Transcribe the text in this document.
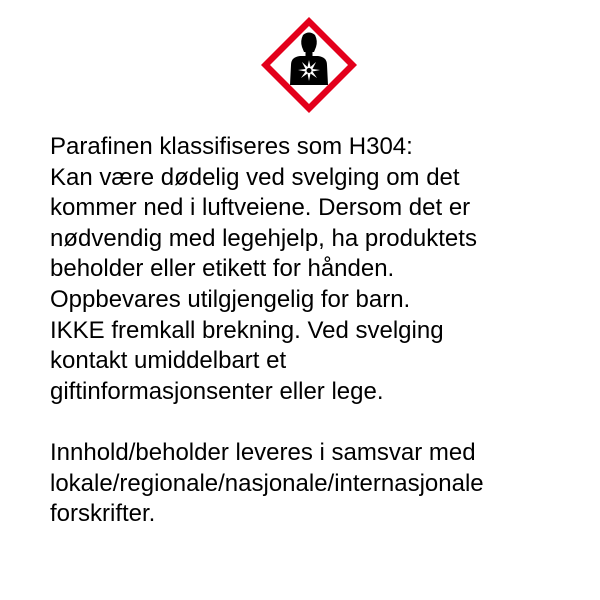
Parafinen klassifiseres som H304:
Kan være dødelig ved svelging om det
kommer ned i luftveiene. Dersom det er
nødvendig med legehjelp, ha produktets
beholder eller etikett for hånden.
Oppbevares utilgjengelig for barn.
IKKE fremkall brekning. Ved svelging
kontakt umiddelbart et
giftinformasjonsenter eller lege.

Innhold/beholder leveres i samsvar med
lokale/regionale/nasjonale/internasjonale
forskrifter.
